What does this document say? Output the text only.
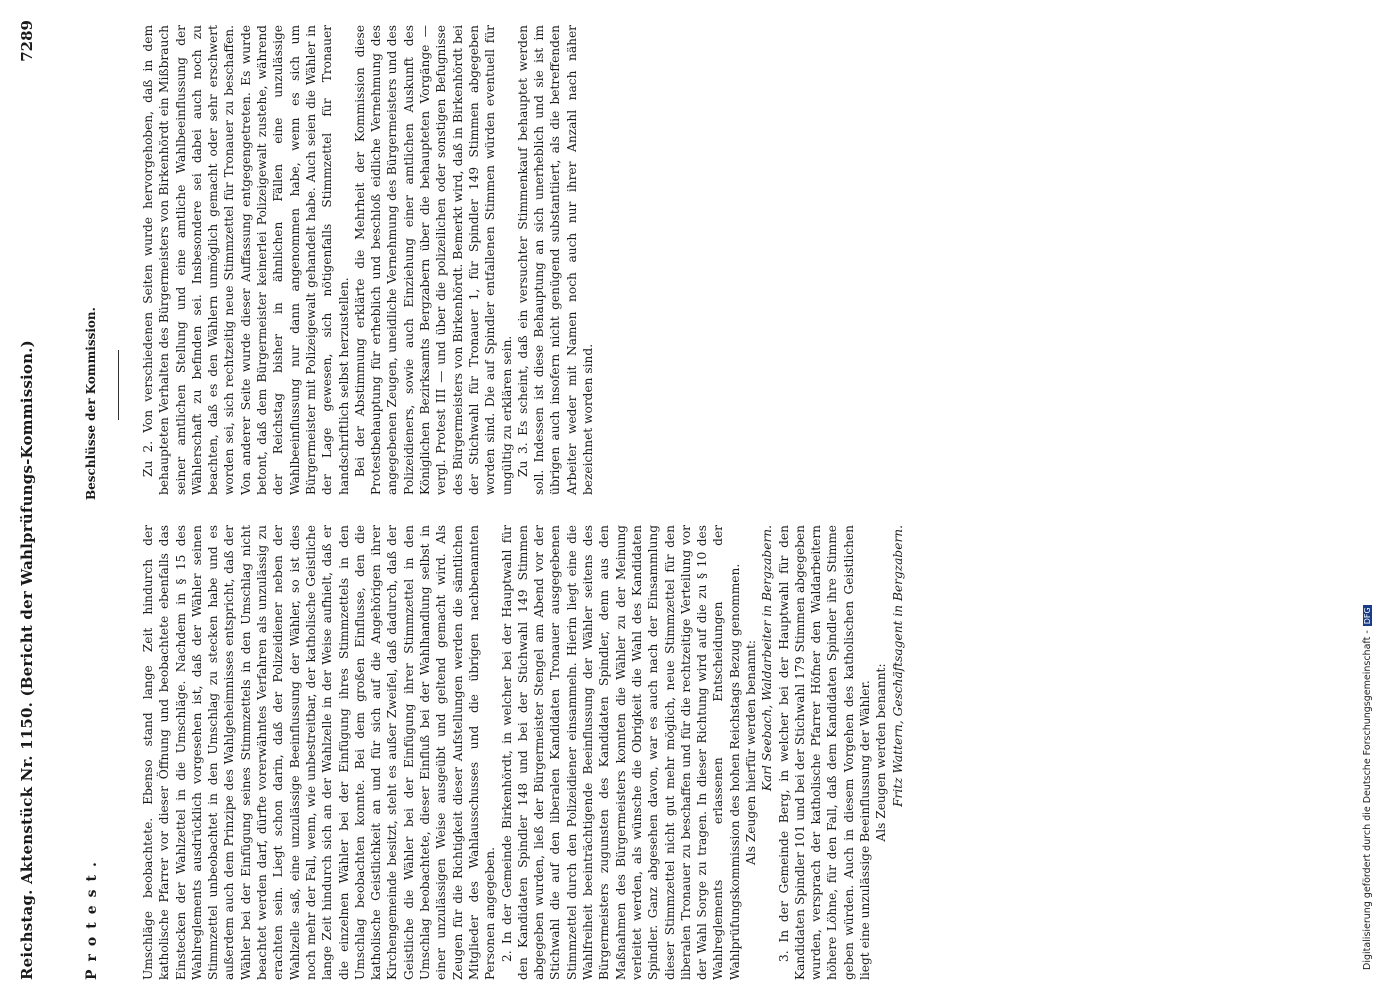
Reichstag. Aktenstück Nr. 1150. (Bericht der Wahlprüfungs-Kommission.)
7289
Protest.
Beschlüsse der Kommission.

Umschläge beobachtete. Ebenso stand lange Zeit hindurch der katholische Pfarrer vor dieser Öffnung und beobachtete ebenfalls das Einstecken der Wahlzettel in die Umschläge. Nachdem in § 15 des Wahlreglements ausdrücklich vorgesehen ist, daß der Wähler seinen Stimmzettel unbeobachtet in den Umschlag zu stecken habe und es außerdem auch dem Prinzipe des Wahlgeheimnisses entspricht, daß der Wähler bei der Einfügung seines Stimmzettels in den Umschlag nicht beachtet werden darf, dürfte vorerwähntes Verfahren als unzulässig zu erachten sein. Liegt schon darin, daß der Polizeidiener neben der Wahlzelle saß, eine unzulässige Beeinflussung der Wähler, so ist dies noch mehr der Fall, wenn, wie unbestreitbar, der katholische Geistliche lange Zeit hindurch sich an der Wahlzelle in der Weise aufhielt, daß er die einzelnen Wähler bei der Einfügung ihres Stimmzettels in den Umschlag beobachten konnte. Bei dem großen Einflusse, den die katholische Geistlichkeit an und für sich auf die Angehörigen ihrer Kirchengemeinde besitzt, steht es außer Zweifel, daß dadurch, daß der Geistliche die Wähler bei der Einfügung ihrer Stimmzettel in den Umschlag beobachtete, dieser Einfluß bei der Wahlhandlung selbst in einer unzulässigen Weise ausgeübt und geltend gemacht wird. Als Zeugen für die Richtigkeit dieser Aufstellungen werden die sämtlichen Mitglieder des Wahlausschusses und die übrigen nachbenannten Personen angegeben. 2. In der Gemeinde Birkenhördt, in welcher bei der Hauptwahl für den Kandidaten Spindler 148 und bei der Stichwahl 149 Stimmen abgegeben wurden, ließ der Bürgermeister Stengel am Abend vor der Stichwahl die auf den liberalen Kandidaten Tronauer ausgegebenen Stimmzettel durch den Polizeidiener einsammeln. Hierin liegt eine die Wahlfreiheit beeinträchtigende Beeinflussung der Wähler seitens des Bürgermeisters zugunsten des Kandidaten Spindler, denn aus den Maßnahmen des Bürgermeisters konnten die Wähler zu der Meinung verleitet werden, als wünsche die Obrigkeit die Wahl des Kandidaten Spindler. Ganz abgesehen davon, war es auch nach der Einsammlung dieser Stimmzettel nicht gut mehr möglich, neue Stimmzettel für den liberalen Tronauer zu beschaffen und für die rechtzeitige Verteilung vor der Wahl Sorge zu tragen. In dieser Richtung wird auf die zu § 10 des Wahlreglements erlassenen Entscheidungen der Wahlprüfungskommission des hohen Reichstags Bezug genommen. Als Zeugen hierfür werden benannt: Karl Seebach, Waldarbeiter in Bergzabern. 3. In der Gemeinde Berg, in welcher bei der Hauptwahl für den Kandidaten Spindler 101 und bei der Stichwahl 179 Stimmen abgegeben wurden, versprach der katholische Pfarrer Höfner den Waldarbeitern höhere Löhne, für den Fall, daß dem Kandidaten Spindler ihre Stimme geben würden. Auch in diesem Vorgehen des katholischen Geistlichen liegt eine unzulässige Beeinflussung der Wähler. Als Zeugen werden benannt: Fritz Wattern, Geschäftsagent in Bergzabern.

Zu 2. Von verschiedenen Seiten wurde hervorgehoben, daß in dem behaupteten Verhalten des Bürgermeisters von Birkenhördt ein Mißbrauch seiner amtlichen Stellung und eine amtliche Wahlbeeinflussung der Wählerschaft zu befinden sei. Insbesondere sei dabei auch noch zu beachten, daß es den Wählern unmöglich gemacht oder sehr erschwert worden sei, sich rechtzeitig neue Stimmzettel für Tronauer zu beschaffen. Von anderer Seite wurde dieser Auffassung entgegengetreten. Es wurde betont, daß dem Bürgermeister keinerlei Polizeigewalt zustehe, während der Reichstag bisher in ähnlichen Fällen eine unzulässige Wahlbeeinflussung nur dann angenommen habe, wenn es sich um Bürgermeister mit Polizeigewalt gehandelt habe. Auch seien die Wähler in der Lage gewesen, sich nötigenfalls Stimmzettel für Tronauer handschriftlich selbst herzustellen. Bei der Abstimmung erklärte die Mehrheit der Kommission diese Protestbehauptung für erheblich und beschloß eidliche Vernehmung des angegebenen Zeugen, uneidliche Vernehmung des Bürgermeisters und des Polizeidieners, sowie auch Einziehung einer amtlichen Auskunft des Königlichen Bezirksamts Bergzabern über die behaupteten Vorgänge — vergl. Protest III — und über die polizeilichen oder sonstigen Befugnisse des Bürgermeisters von Birkenhördt. Bemerkt wird, daß in Birkenhördt bei der Stichwahl für Tronauer 1, für Spindler 149 Stimmen abgegeben worden sind. Die auf Spindler entfallenen Stimmen würden eventuell für ungültig zu erklären sein. Zu 3. Es scheint, daß ein versuchter Stimmenkauf behauptet werden soll. Indessen ist diese Behauptung an sich unerheblich und sie ist im übrigen auch insofern nicht genügend substantiiert, als die betreffenden Arbeiter weder mit Namen noch auch nur ihrer Anzahl nach näher bezeichnet worden sind.

Digitalisierung gefördert durch die Deutsche Forschungsgemeinschaft -DFG
